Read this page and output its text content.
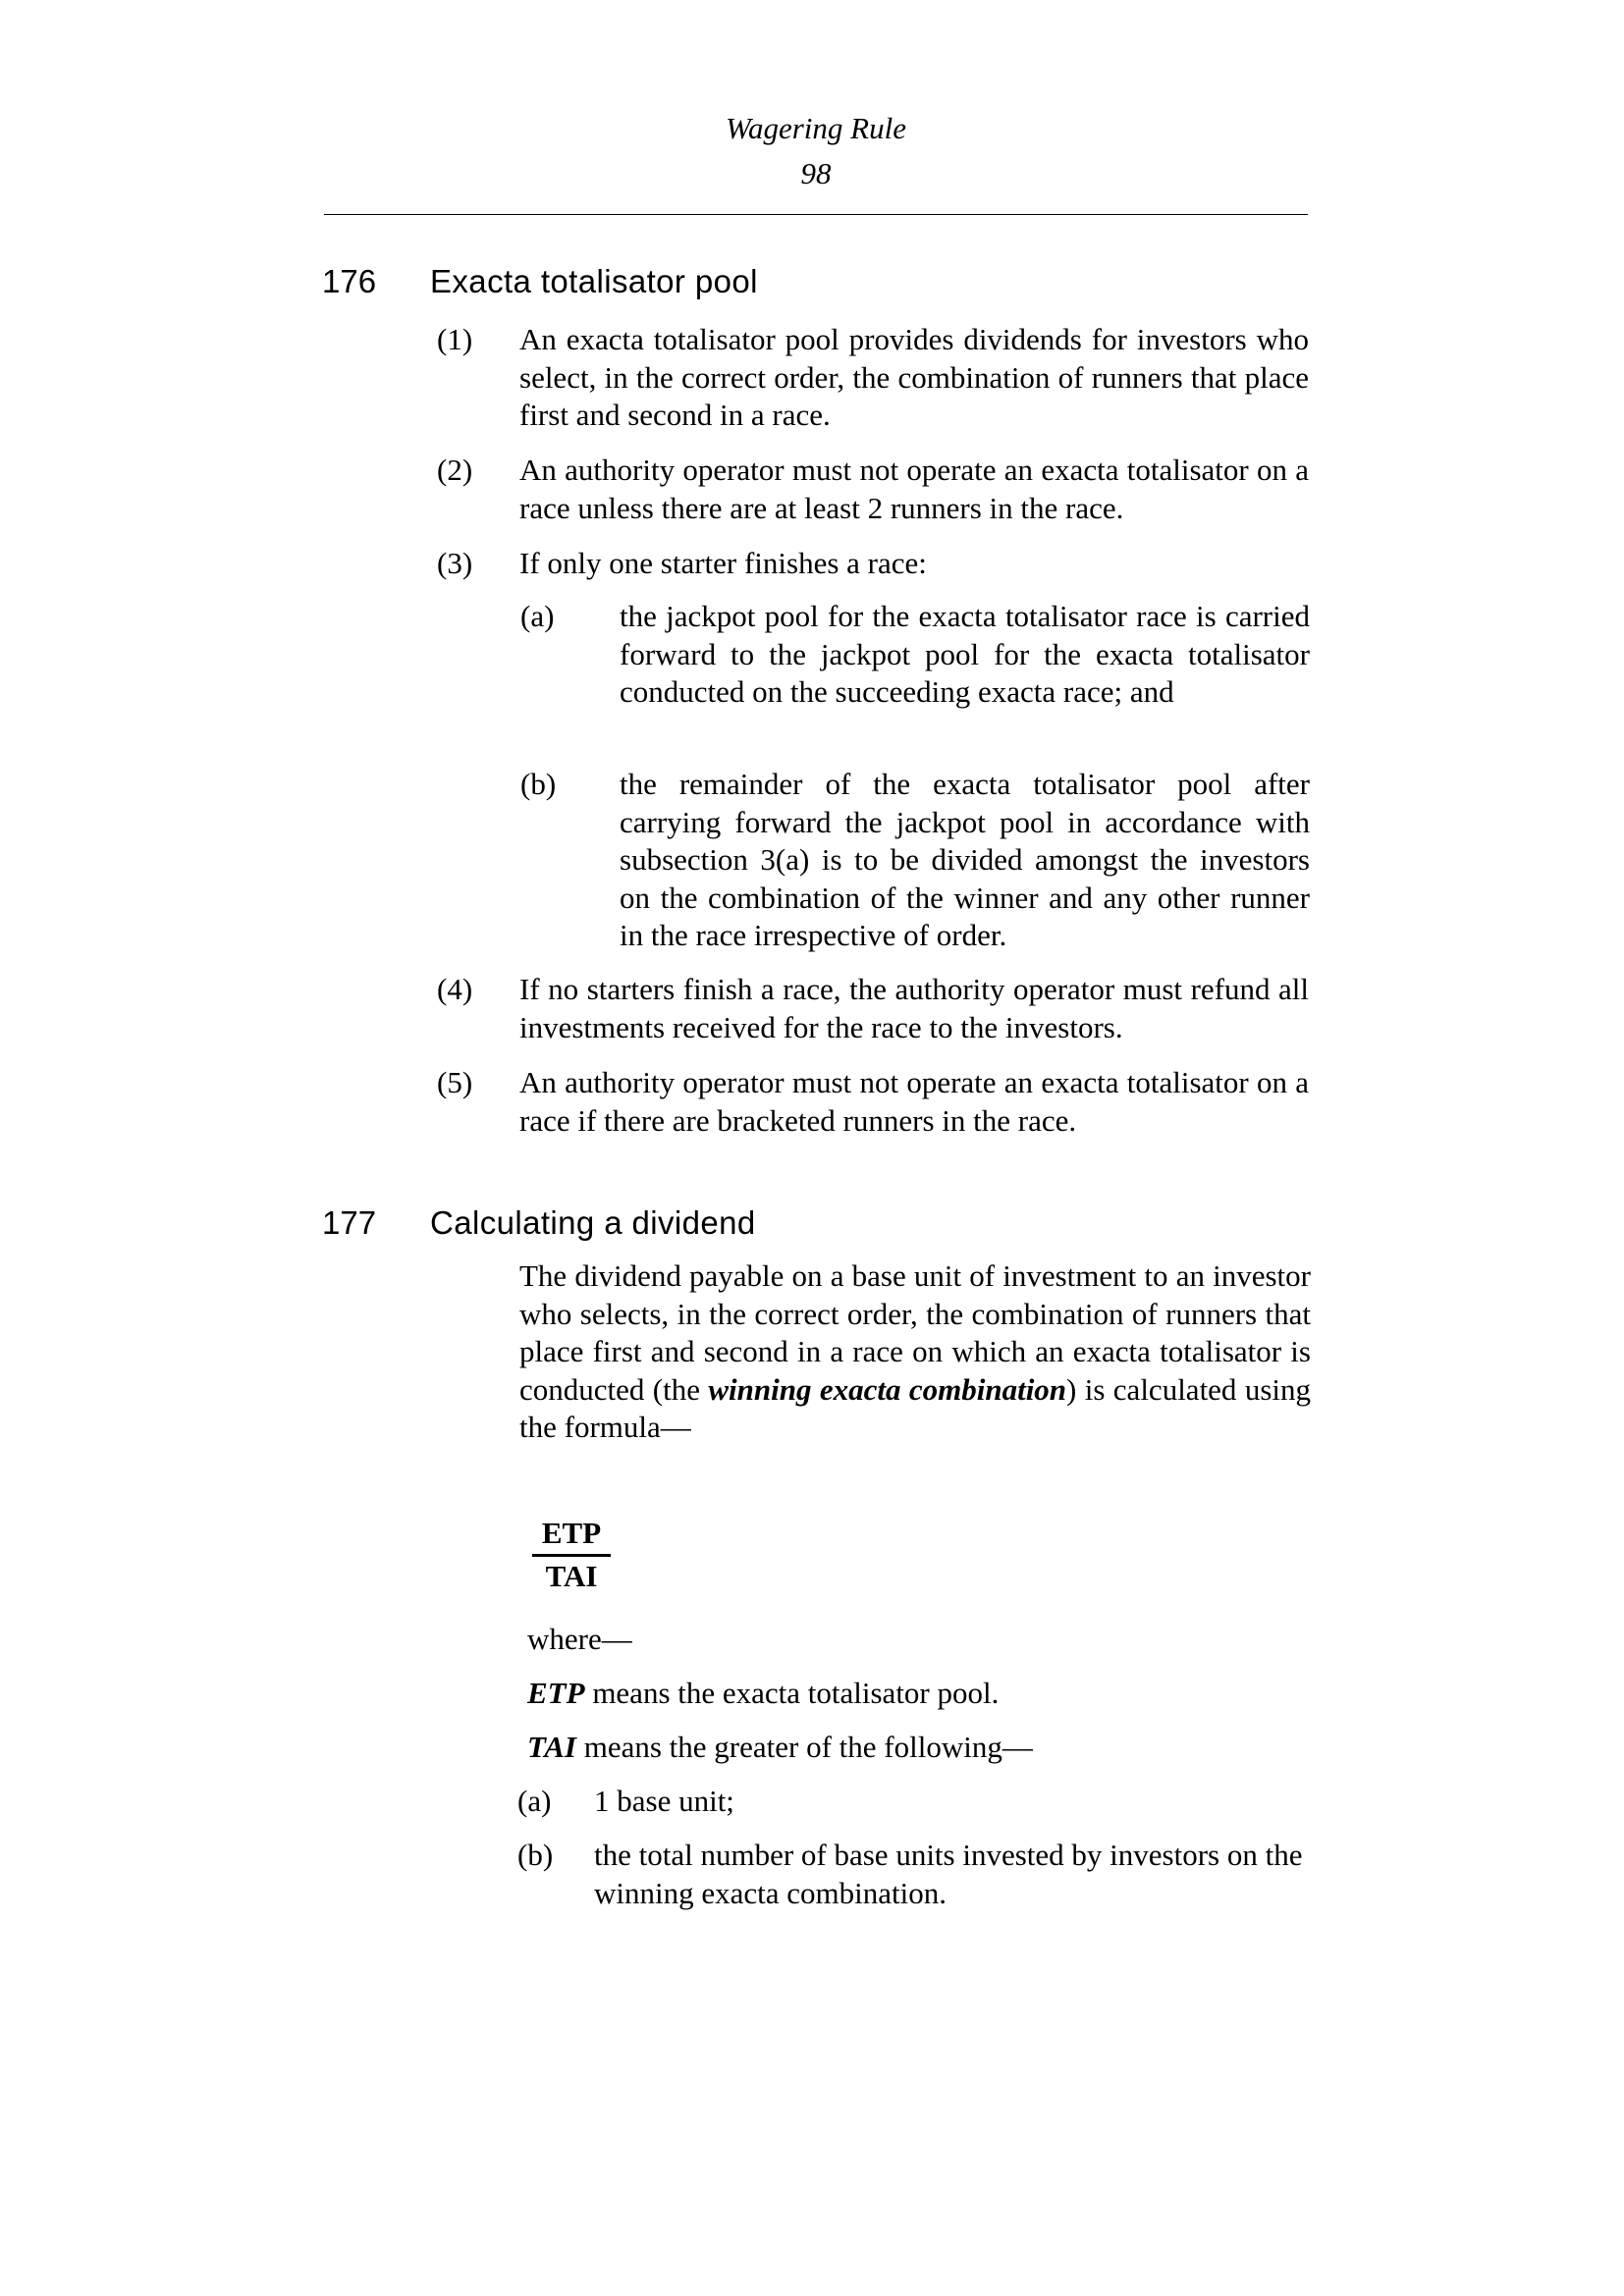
Wagering Rule
98
176 Exacta totalisator pool
(1) An exacta totalisator pool provides dividends for investors who select, in the correct order, the combination of runners that place first and second in a race.
(2) An authority operator must not operate an exacta totalisator on a race unless there are at least 2 runners in the race.
(3) If only one starter finishes a race:
(a) the jackpot pool for the exacta totalisator race is carried forward to the jackpot pool for the exacta totalisator conducted on the succeeding exacta race; and
(b) the remainder of the exacta totalisator pool after carrying forward the jackpot pool in accordance with subsection 3(a) is to be divided amongst the investors on the combination of the winner and any other runner in the race irrespective of order.
(4) If no starters finish a race, the authority operator must refund all investments received for the race to the investors.
(5) An authority operator must not operate an exacta totalisator on a race if there are bracketed runners in the race.
177 Calculating a dividend
The dividend payable on a base unit of investment to an investor who selects, in the correct order, the combination of runners that place first and second in a race on which an exacta totalisator is conducted (the winning exacta combination) is calculated using the formula—
ETP
TAI
where—
ETP means the exacta totalisator pool.
TAI means the greater of the following—
(a) 1 base unit;
(b) the total number of base units invested by investors on the winning exacta combination.
